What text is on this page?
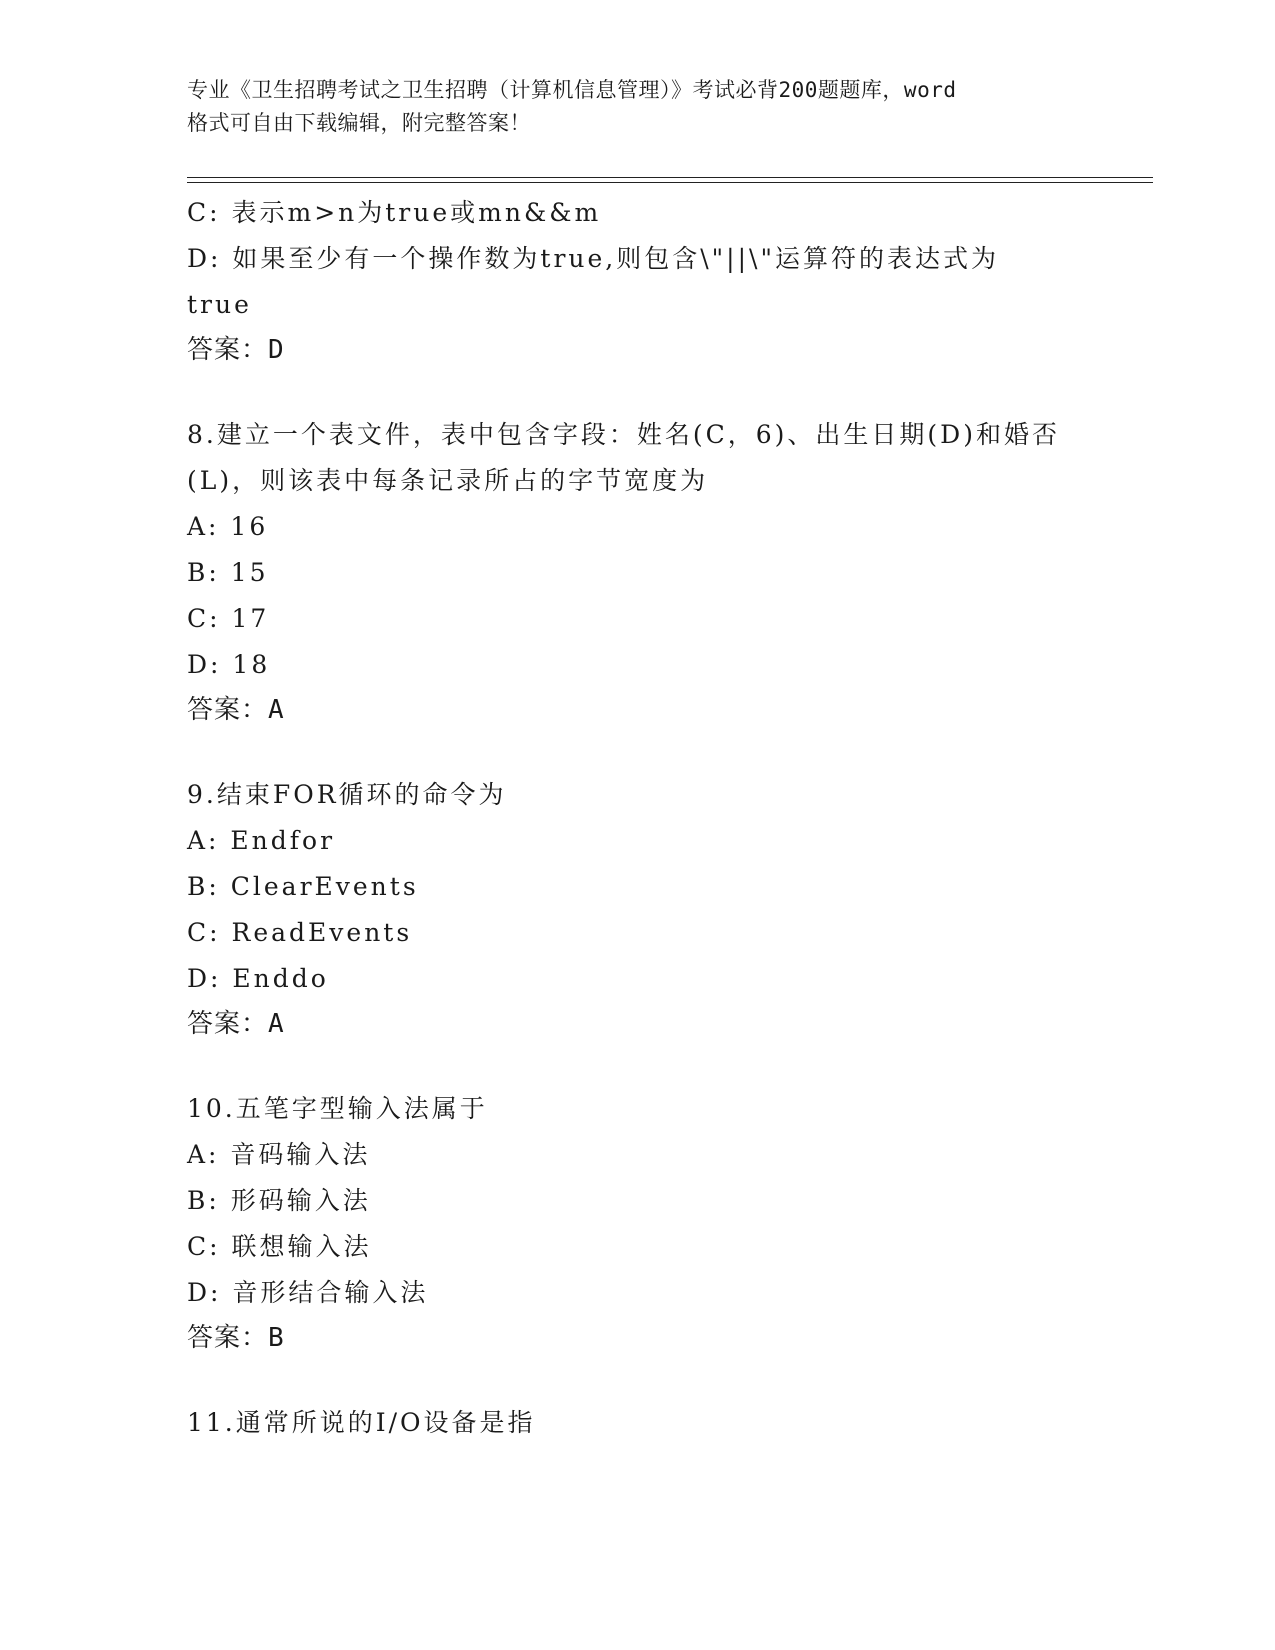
专业《卫生招聘考试之卫生招聘（计算机信息管理）》考试必背200题题库，word
格式可自由下载编辑，附完整答案！
C: 表示m>n为true或mn&&m
D: 如果至少有一个操作数为true,则包含\"||\"运算符的表达式为
true
答案：D
8.建立一个表文件，表中包含字段：姓名(C，6)、出生日期(D)和婚否
(L)，则该表中每条记录所占的字节宽度为
A: 16
B: 15
C: 17
D: 18
答案：A
9.结束FOR循环的命令为
A: Endfor
B: ClearEvents
C: ReadEvents
D: Enddo
答案：A
10.五笔字型输入法属于
A: 音码输入法
B: 形码输入法
C: 联想输入法
D: 音形结合输入法
答案：B
11.通常所说的I/O设备是指
